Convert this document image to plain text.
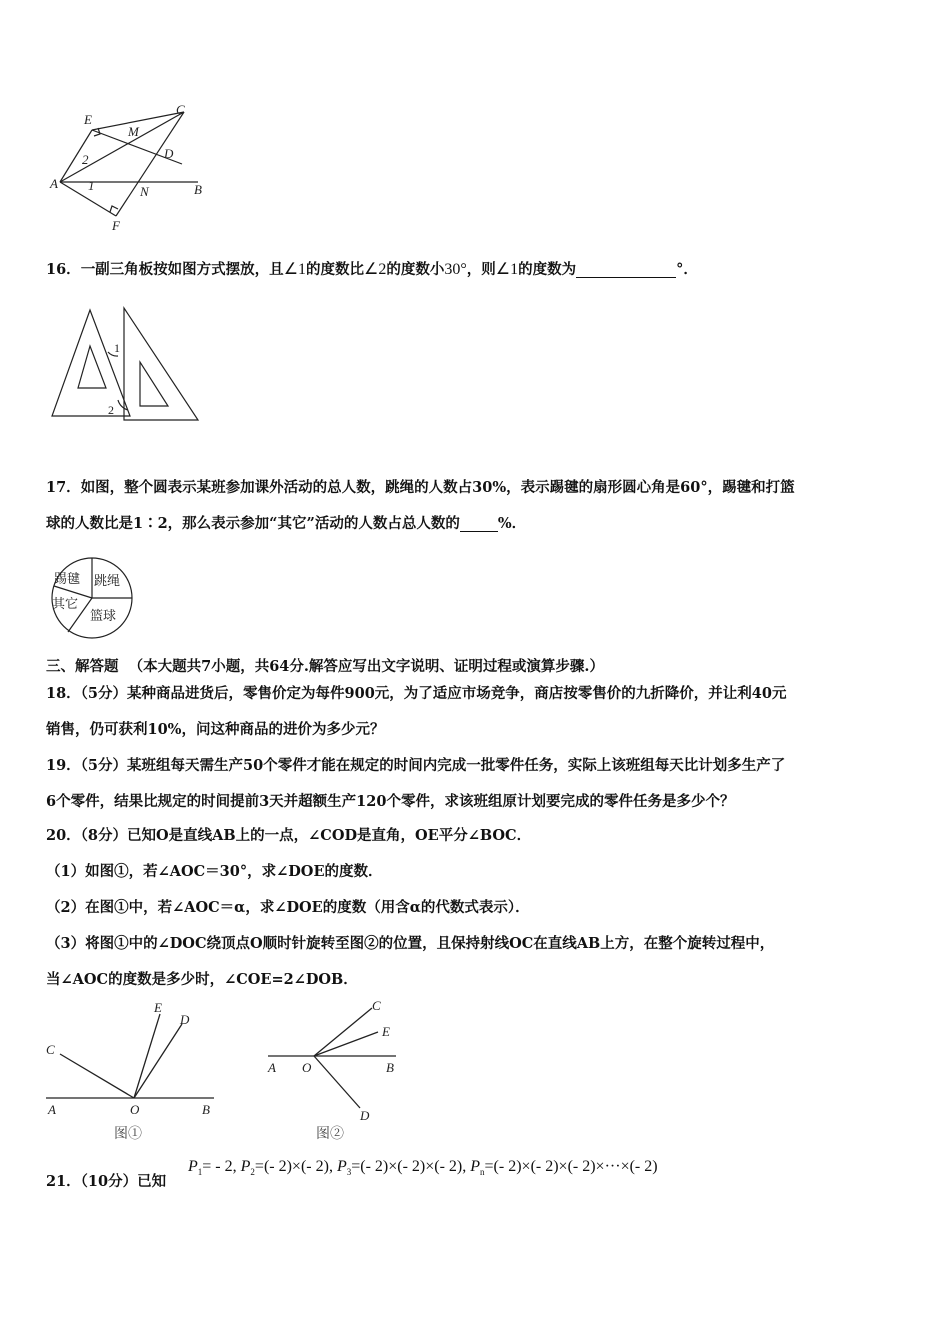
E
M
C
D
2
A 1	N	B
F
16．一副三角板按如图方式摆放，且∠1的度数比∠2的度数小30°，则∠1的度数为	°．
1
2
17．如图，整个圆表示某班参加课外活动的总人数，跳绳的人数占30%，表示踢毽的扇形圆心角是60°，踢毽和打篮
球的人数比是1∶2，那么表示参加“其它”活动的人数占总人数的	%．
踢毽 跳绳
其它
篮球
三、解答题 （本大题共7小题，共64分.解答应写出文字说明、证明过程或演算步骤.）
18．（5分）某种商品进货后，零售价定为每件900元，为了适应市场竞争，商店按零售价的九折降价，并让利40元
销售，仍可获利10%，问这种商品的进价为多少元？
19．（5分）某班组每天需生产50个零件才能在规定的时间内完成一批零件任务，实际上该班组每天比计划多生产了
6个零件，结果比规定的时间提前3天并超额生产120个零件，求该班组原计划要完成的零件任务是多少个？
20．（8分）已知O是直线AB上的一点，∠COD是直角，OE平分∠BOC．
（1）如图①，若∠AOC＝30°，求∠DOE的度数．
（2）在图①中，若∠AOC＝α，求∠DOE的度数（用含α的代数式表示）．
（3）将图①中的∠DOC绕顶点O顺时针旋转至图②的位置，且保持射线OC在直线AB上方，在整个旋转过程中，
当∠AOC的度数是多少时，∠COE=2∠DOB．
E
D
C
A	O	B
图①
C
E
A O	B
D
图②
21．（10分）已知
$P_1= - 2$, $P_2=(-$ 2)×(- 2), $P_3=(-$ 2)×(- 2)×(- 2), $P_n=(-$ 2)×(- 2)×(- 2)×···×(- 2)
